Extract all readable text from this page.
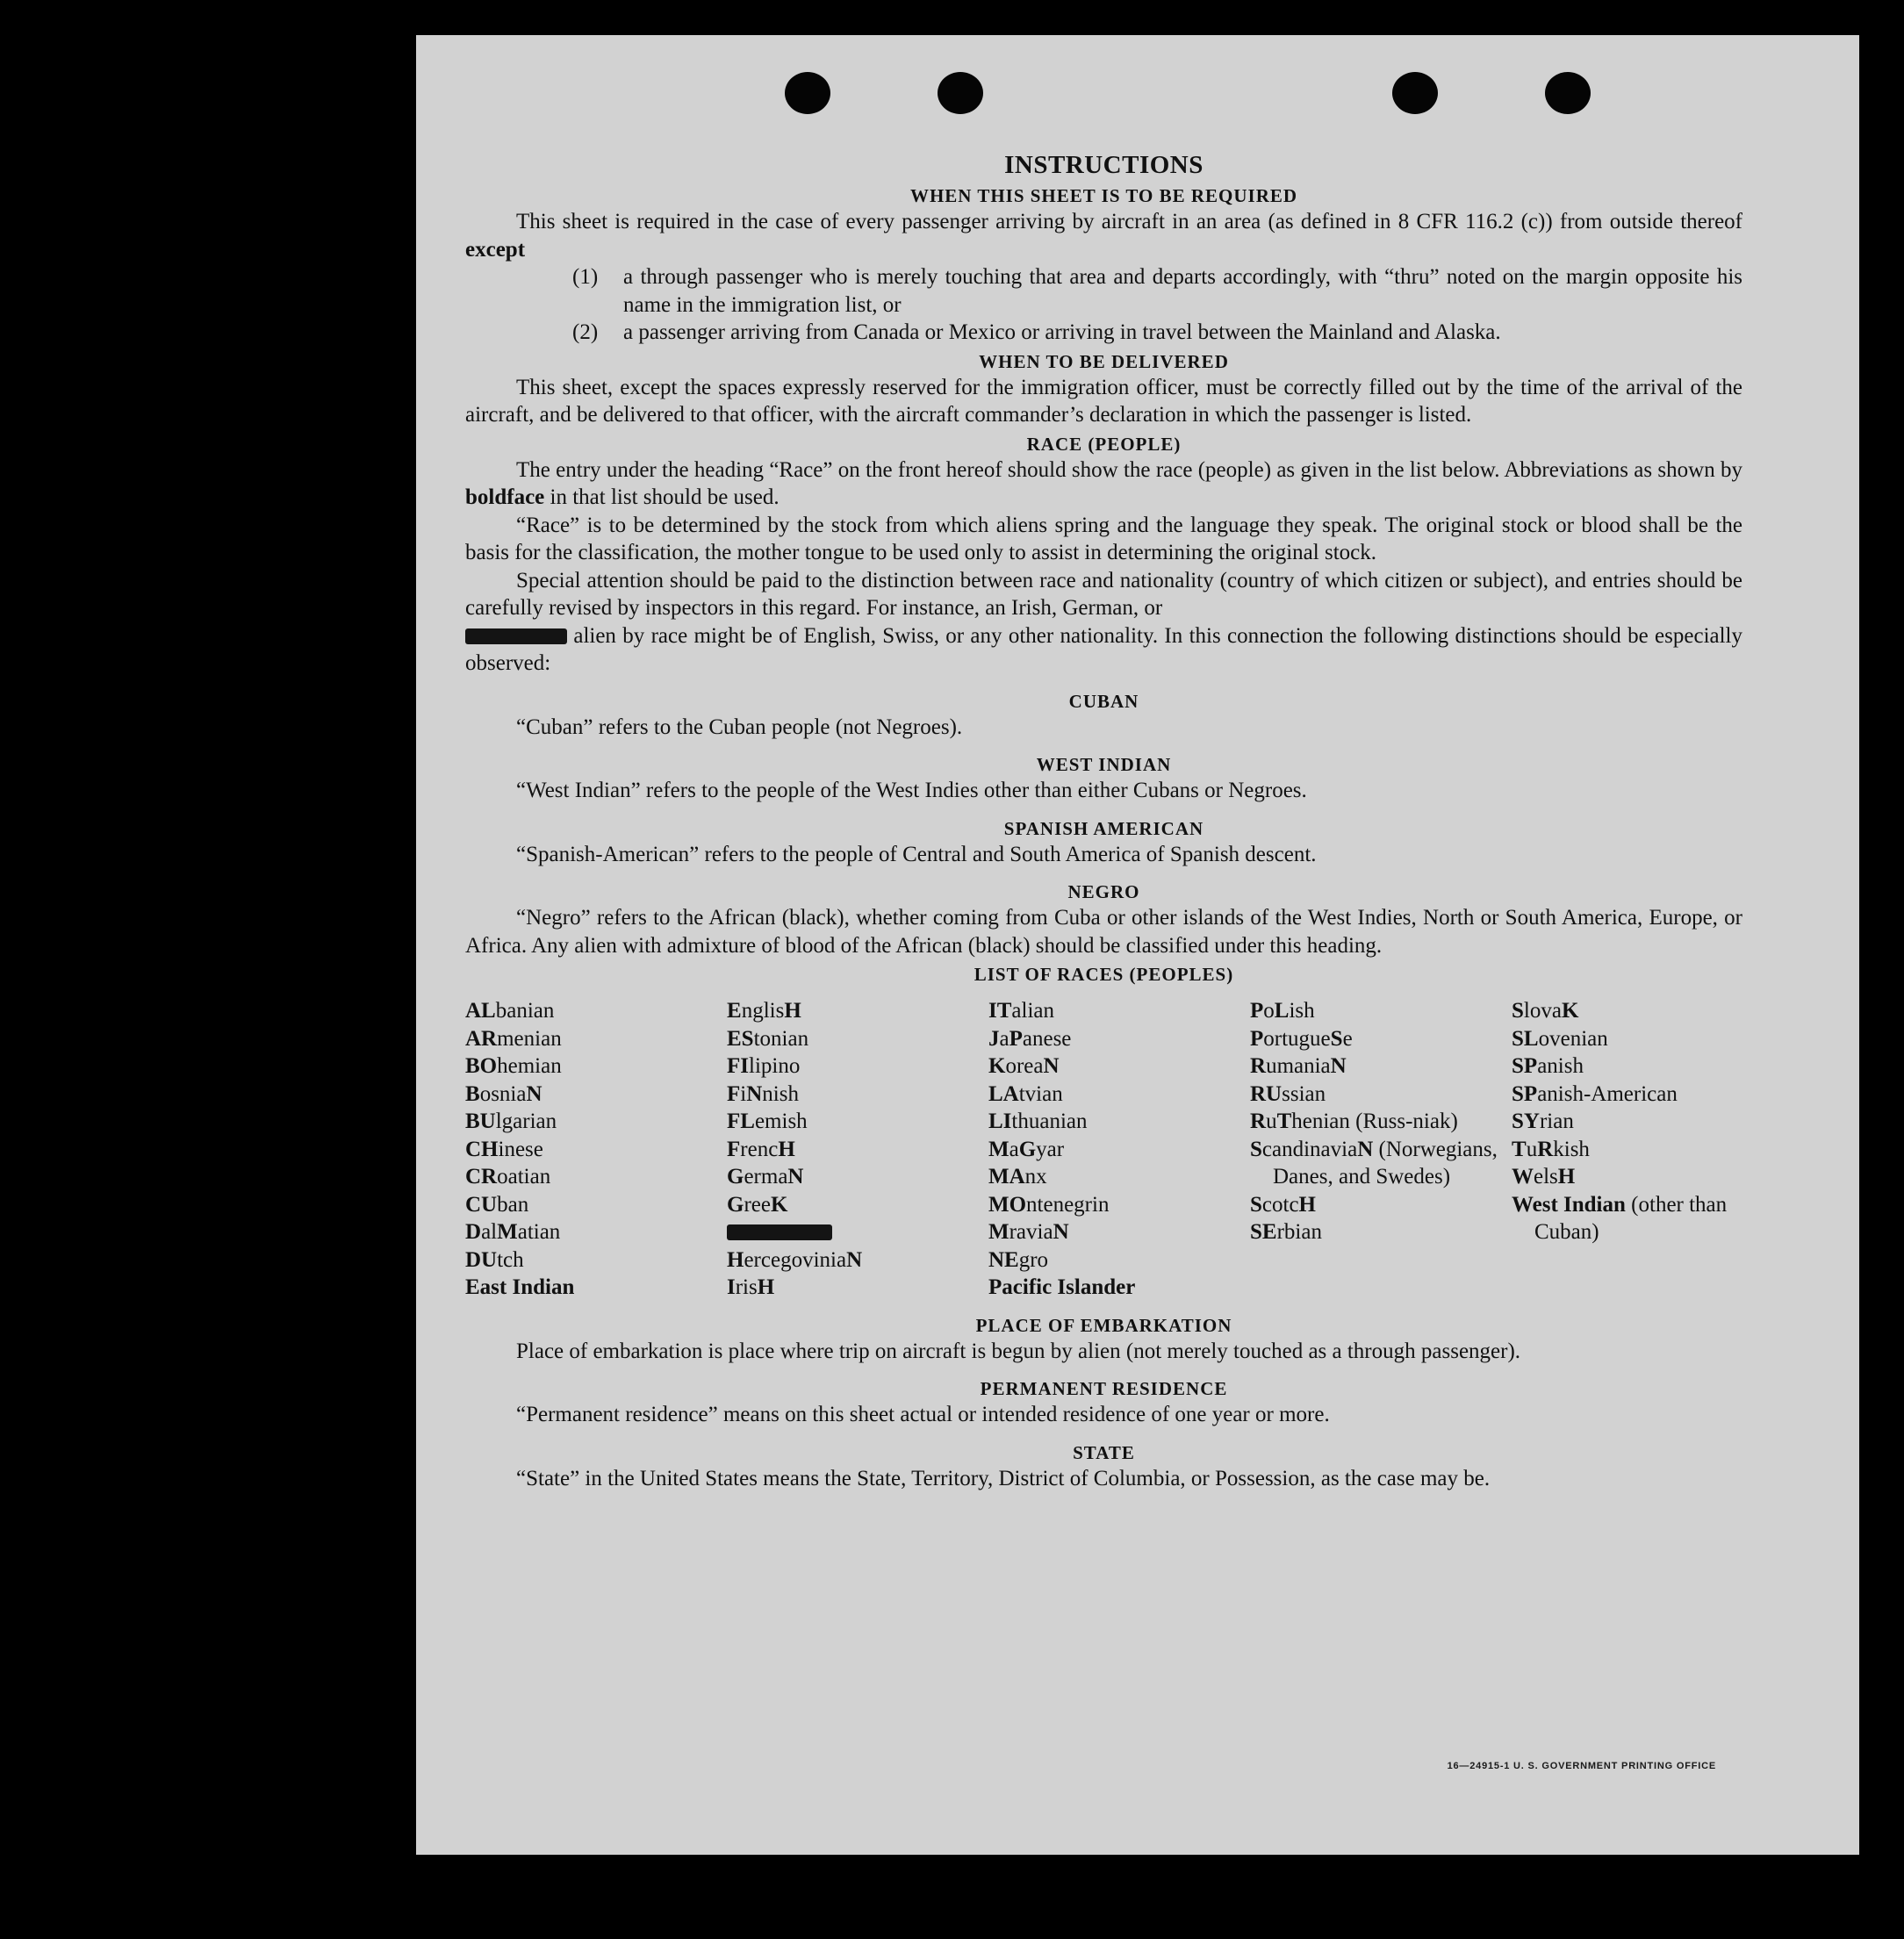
INSTRUCTIONS
WHEN THIS SHEET IS TO BE REQUIRED

This sheet is required in the case of every passenger arriving by aircraft in an area (as defined in 8 CFR 116.2 (c)) from outside thereof except

(1)	a through passenger who is merely touching that area and departs accordingly, with “thru” noted on the margin opposite his name in the immigration list, or
(2)	a passenger arriving from Canada or Mexico or arriving in travel between the Mainland and Alaska.
WHEN TO BE DELIVERED

This sheet, except the spaces expressly reserved for the immigration officer, must be correctly filled out by the time of the arrival of the aircraft, and be delivered to that officer, with the aircraft commander’s declaration in which the passenger is listed.

RACE (PEOPLE)

The entry under the heading “Race” on the front hereof should show the race (people) as given in the list below. Abbreviations as shown by boldface in that list should be used.

“Race” is to be determined by the stock from which aliens spring and the language they speak. The original stock or blood shall be the basis for the classification, the mother tongue to be used only to assist in determining the original stock.

Special attention should be paid to the distinction between race and nationality (country of which citizen or subject), and entries should be carefully revised by inspectors in this regard. For instance, an Irish, German, or
alien by race might be of English, Swiss, or any other nationality. In this connection the following distinctions should be especially observed:

CUBAN

“Cuban” refers to the Cuban people (not Negroes).

WEST INDIAN

“West Indian” refers to the people of the West Indies other than either Cubans or Negroes.

SPANISH AMERICAN

“Spanish-American” refers to the people of Central and South America of Spanish descent.

NEGRO

“Negro” refers to the African (black), whether coming from Cuba or other islands of the West Indies, North or South America, Europe, or Africa. Any alien with admixture of blood of the African (black) should be classified under this heading.

LIST OF RACES (PEOPLES)
ALbanian
ARmenian
BOhemian
BosniaN
BUlgarian
CHinese
CRoatian
CUban
DalMatian
DUtch
East Indian
EnglisH
EStonian
FIlipino
FiNnish
FLemish
FrencH
GermaN
GreeK
HercegoviniaN
IrisH
ITalian
JaPanese
KoreaN
LAtvian
LIthuanian
MaGyar
MAnx
MOntenegrin
MraviaN
NEgro
Pacific Islander
PoLish
PortugueSe
RumaniaN
RUssian
RuThenian (Russ-niak)
ScandinaviaN (Norwegians, Danes, and Swedes)
ScotcH
SErbian
SlovaK
SLovenian
SPanish
SPanish-American
SYrian
TuRkish
WelsH
West Indian (other than Cuban)
PLACE OF EMBARKATION

Place of embarkation is place where trip on aircraft is begun by alien (not merely touched as a through passenger).

PERMANENT RESIDENCE

“Permanent residence” means on this sheet actual or intended residence of one year or more.

STATE

“State” in the United States means the State, Territory, District of Columbia, or Possession, as the case may be.

16—24915-1 U. S. GOVERNMENT PRINTING OFFICE
